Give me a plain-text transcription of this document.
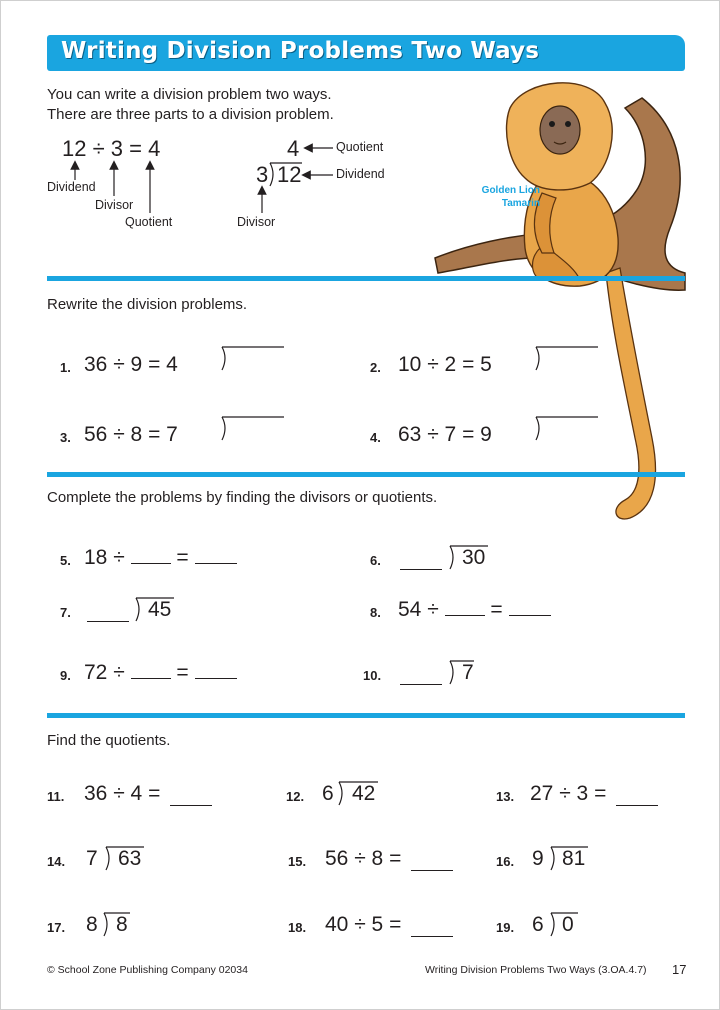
Writing Division Problems Two Ways
You can write a division problem two ways.
There are three parts to a division problem.
12 ÷ 3 = 4
Dividend
Divisor
Quotient
4
3 12
Quotient
Dividend
Divisor
Golden Lion
Tamarin
Rewrite the division problems.
1. 36 ÷ 9 = 4	2. 10 ÷ 2 = 5
3. 56 ÷ 8 = 7	4. 63 ÷ 7 = 9
Complete the problems by finding the divisors or quotients.
5. 18 ÷ =	6.	30
7.	45	8. 54 ÷ =
9. 72 ÷ =	10.	7
Find the quotients.
11. 36 ÷ 4 =	12. 6 42	13. 27 ÷ 3 =
14. 7 63	15. 56 ÷ 8 =	16. 9 81
17. 8 8	18. 40 ÷ 5 =	19. 6 0
© School Zone Publishing Company 02034	Writing Division Problems Two Ways (3.OA.4.7) 17
